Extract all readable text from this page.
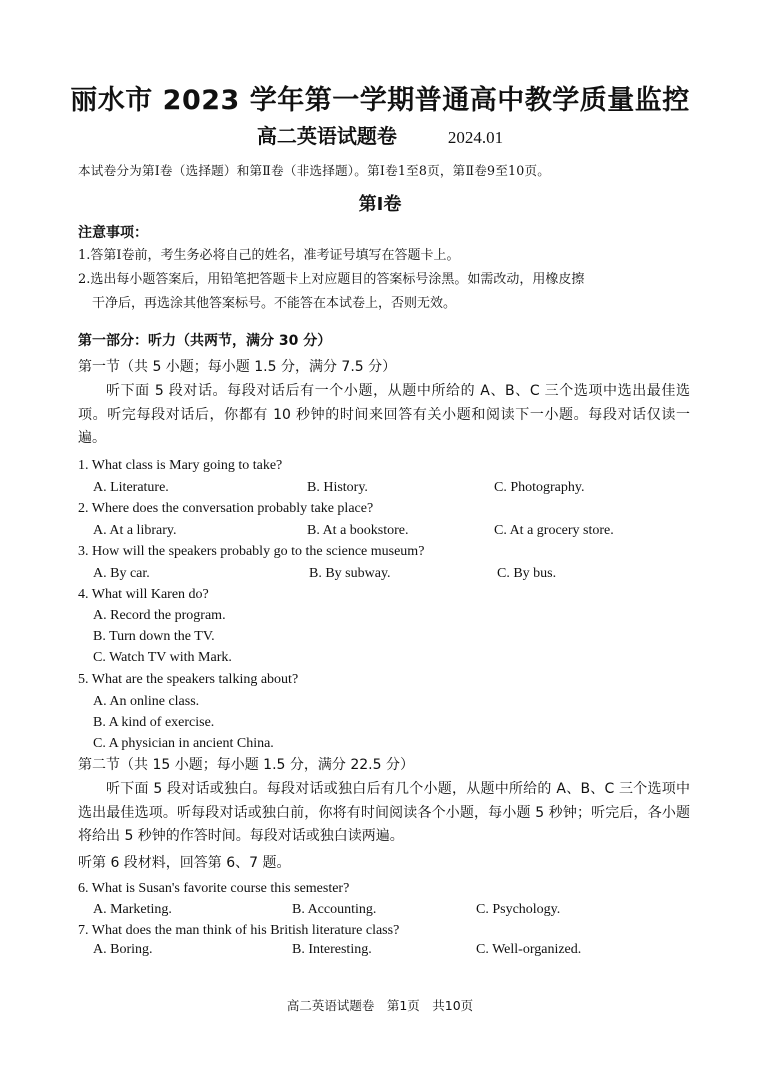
丽水市 2023 学年第一学期普通高中教学质量监控
高二英语试题卷	2024.01
本试卷分为第Ⅰ卷（选择题）和第Ⅱ卷（非选择题）。第Ⅰ卷1至8页，第Ⅱ卷9至10页。
第Ⅰ卷
注意事项：
1.答第Ⅰ卷前，考生务必将自己的姓名，准考证号填写在答题卡上。
2.选出每小题答案后，用铅笔把答题卡上对应题目的答案标号涂黑。如需改动，用橡皮擦
干净后，再选涂其他答案标号。不能答在本试卷上，否则无效。
第一部分：听力（共两节，满分 30 分）
第一节（共 5 小题；每小题 1.5 分，满分 7.5 分）
听下面 5 段对话。每段对话后有一个小题，从题中所给的 A、B、C 三个选项中选出最佳选项。听完每段对话后，你都有 10 秒钟的时间来回答有关小题和阅读下一小题。每段对话仅读一遍。
1. What class is Mary going to take?
A. Literature.	B. History.	C. Photography.
2. Where does the conversation probably take place?
A. At a library.	B. At a bookstore.	C. At a grocery store.
3. How will the speakers probably go to the science museum?
A. By car.	B. By subway.	C. By bus.
4. What will Karen do?
A. Record the program.
B. Turn down the TV.
C. Watch TV with Mark.
5. What are the speakers talking about?
A. An online class.
B. A kind of exercise.
C. A physician in ancient China.
第二节（共 15 小题；每小题 1.5 分，满分 22.5 分）
听下面 5 段对话或独白。每段对话或独白后有几个小题，从题中所给的 A、B、C 三个选项中选出最佳选项。听每段对话或独白前，你将有时间阅读各个小题，每小题 5 秒钟；听完后，各小题将给出 5 秒钟的作答时间。每段对话或独白读两遍。
听第 6 段材料，回答第 6、7 题。
6. What is Susan's favorite course this semester?
A. Marketing.	B. Accounting.	C. Psychology.
7. What does the man think of his British literature class?
A. Boring.	B. Interesting.	C. Well-organized.
高二英语试题卷　第1页　共10页
